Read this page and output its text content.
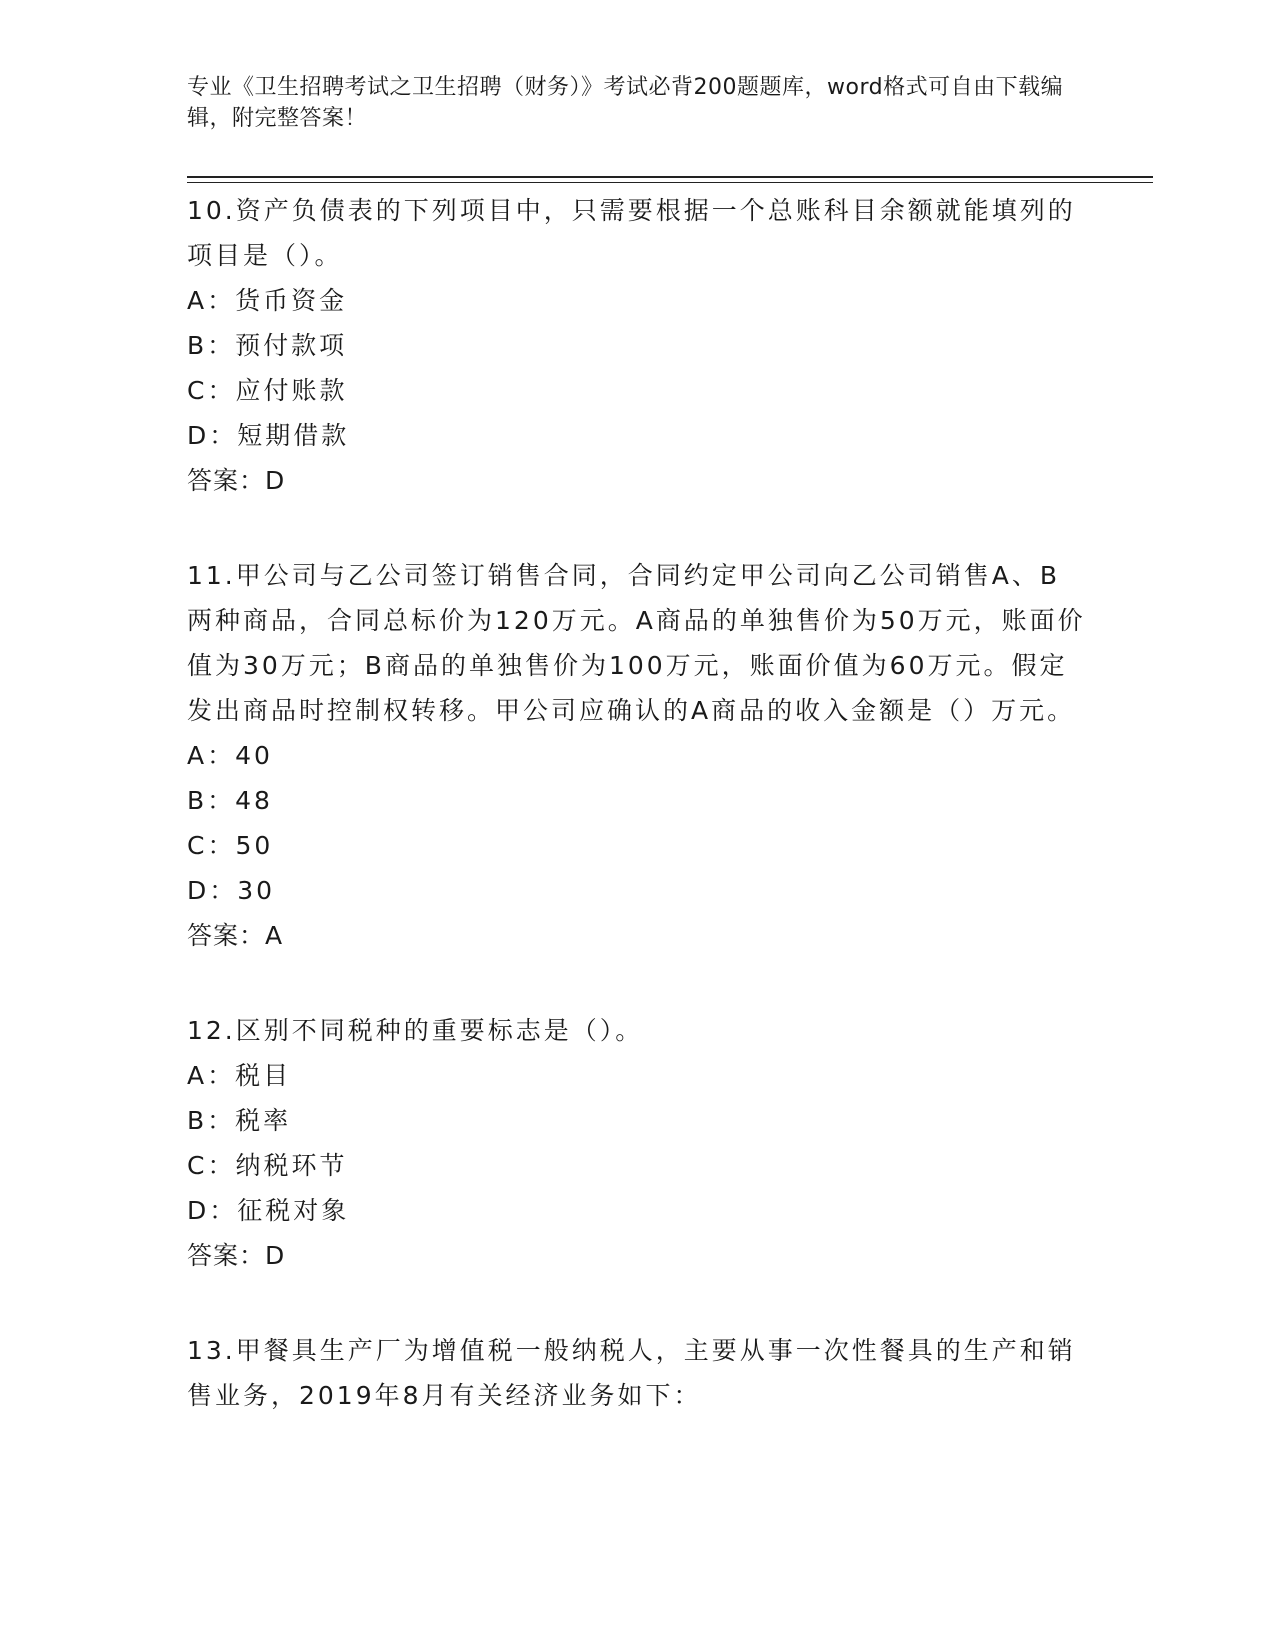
专业《卫生招聘考试之卫生招聘（财务）》考试必背200题题库，word格式可自由下载编辑，附完整答案！
10.资产负债表的下列项目中，只需要根据一个总账科目余额就能填列的项目是（）。
A：货币资金
B：预付款项
C：应付账款
D：短期借款
答案：D
11.甲公司与乙公司签订销售合同，合同约定甲公司向乙公司销售A、B两种商品，合同总标价为120万元。A商品的单独售价为50万元，账面价值为30万元；B商品的单独售价为100万元，账面价值为60万元。假定发出商品时控制权转移。甲公司应确认的A商品的收入金额是（）万元。
A：40
B：48
C：50
D：30
答案：A
12.区别不同税种的重要标志是（）。
A：税目
B：税率
C：纳税环节
D：征税对象
答案：D
13.甲餐具生产厂为增值税一般纳税人，主要从事一次性餐具的生产和销售业务，2019年8月有关经济业务如下：
